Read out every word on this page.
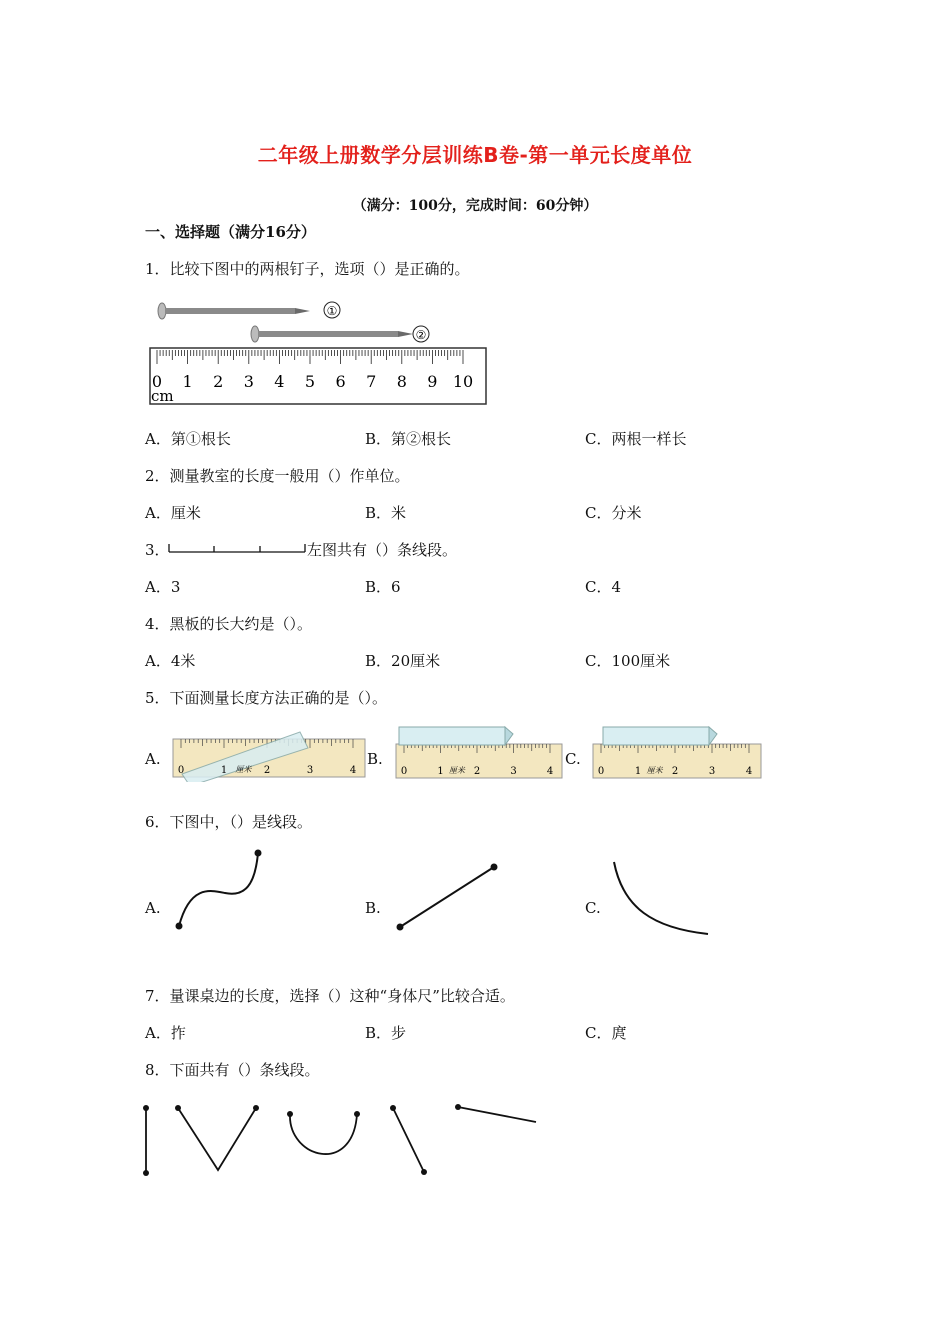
二年级上册数学分层训练B卷-第一单元长度单位
（满分：100分，完成时间：60分钟）
一、选择题（满分16分）
1．比较下图中的两根钉子，选项（）是正确的。
①
②
0 1 2 3 4 5 6 7 8 9 10
cm
A．第①根长	B．第②根长	C．两根一样长
2．测量教室的长度一般用（）作单位。
A．厘米	B．米	C．分米
3．	左图共有（）条线段。
A．3	B．6	C．4
4．黑板的长大约是（）。
A．4米	B．20厘米	C．100厘米
5．下面测量长度方法正确的是（）。
A.	B.	C.
0	1	2	3	4
厘米	0	1	2	3	4
厘米	0	1	2	3	4
厘米
6．下图中，（）是线段。
A.	B.	C.
7．量课桌边的长度，选择（）这种“身体尺”比较合适。
A．拃	B．步	C．庹
8．下面共有（）条线段。
